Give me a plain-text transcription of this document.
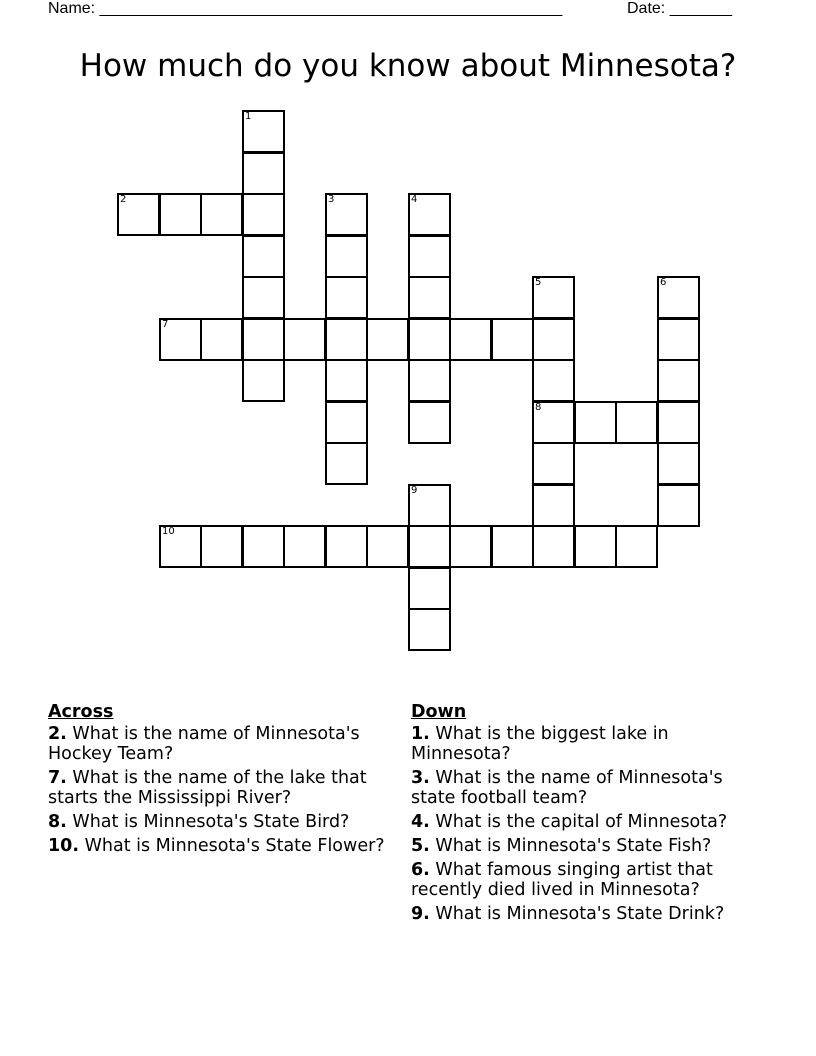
Name: ____________________________________________________	Date: _______
How much do you know about Minnesota?
1
2	3	4
5
8
6
7
9
10
Across
2. What is the name of Minnesota's Hockey Team?
7. What is the name of the lake that starts the Mississippi River?
8. What is Minnesota's State Bird?
10. What is Minnesota's State Flower?
Down
1. What is the biggest lake in Minnesota?
3. What is the name of Minnesota's state football team?
4. What is the capital of Minnesota?
5. What is Minnesota's State Fish?
6. What famous singing artist that recently died lived in Minnesota?
9. What is Minnesota's State Drink?
